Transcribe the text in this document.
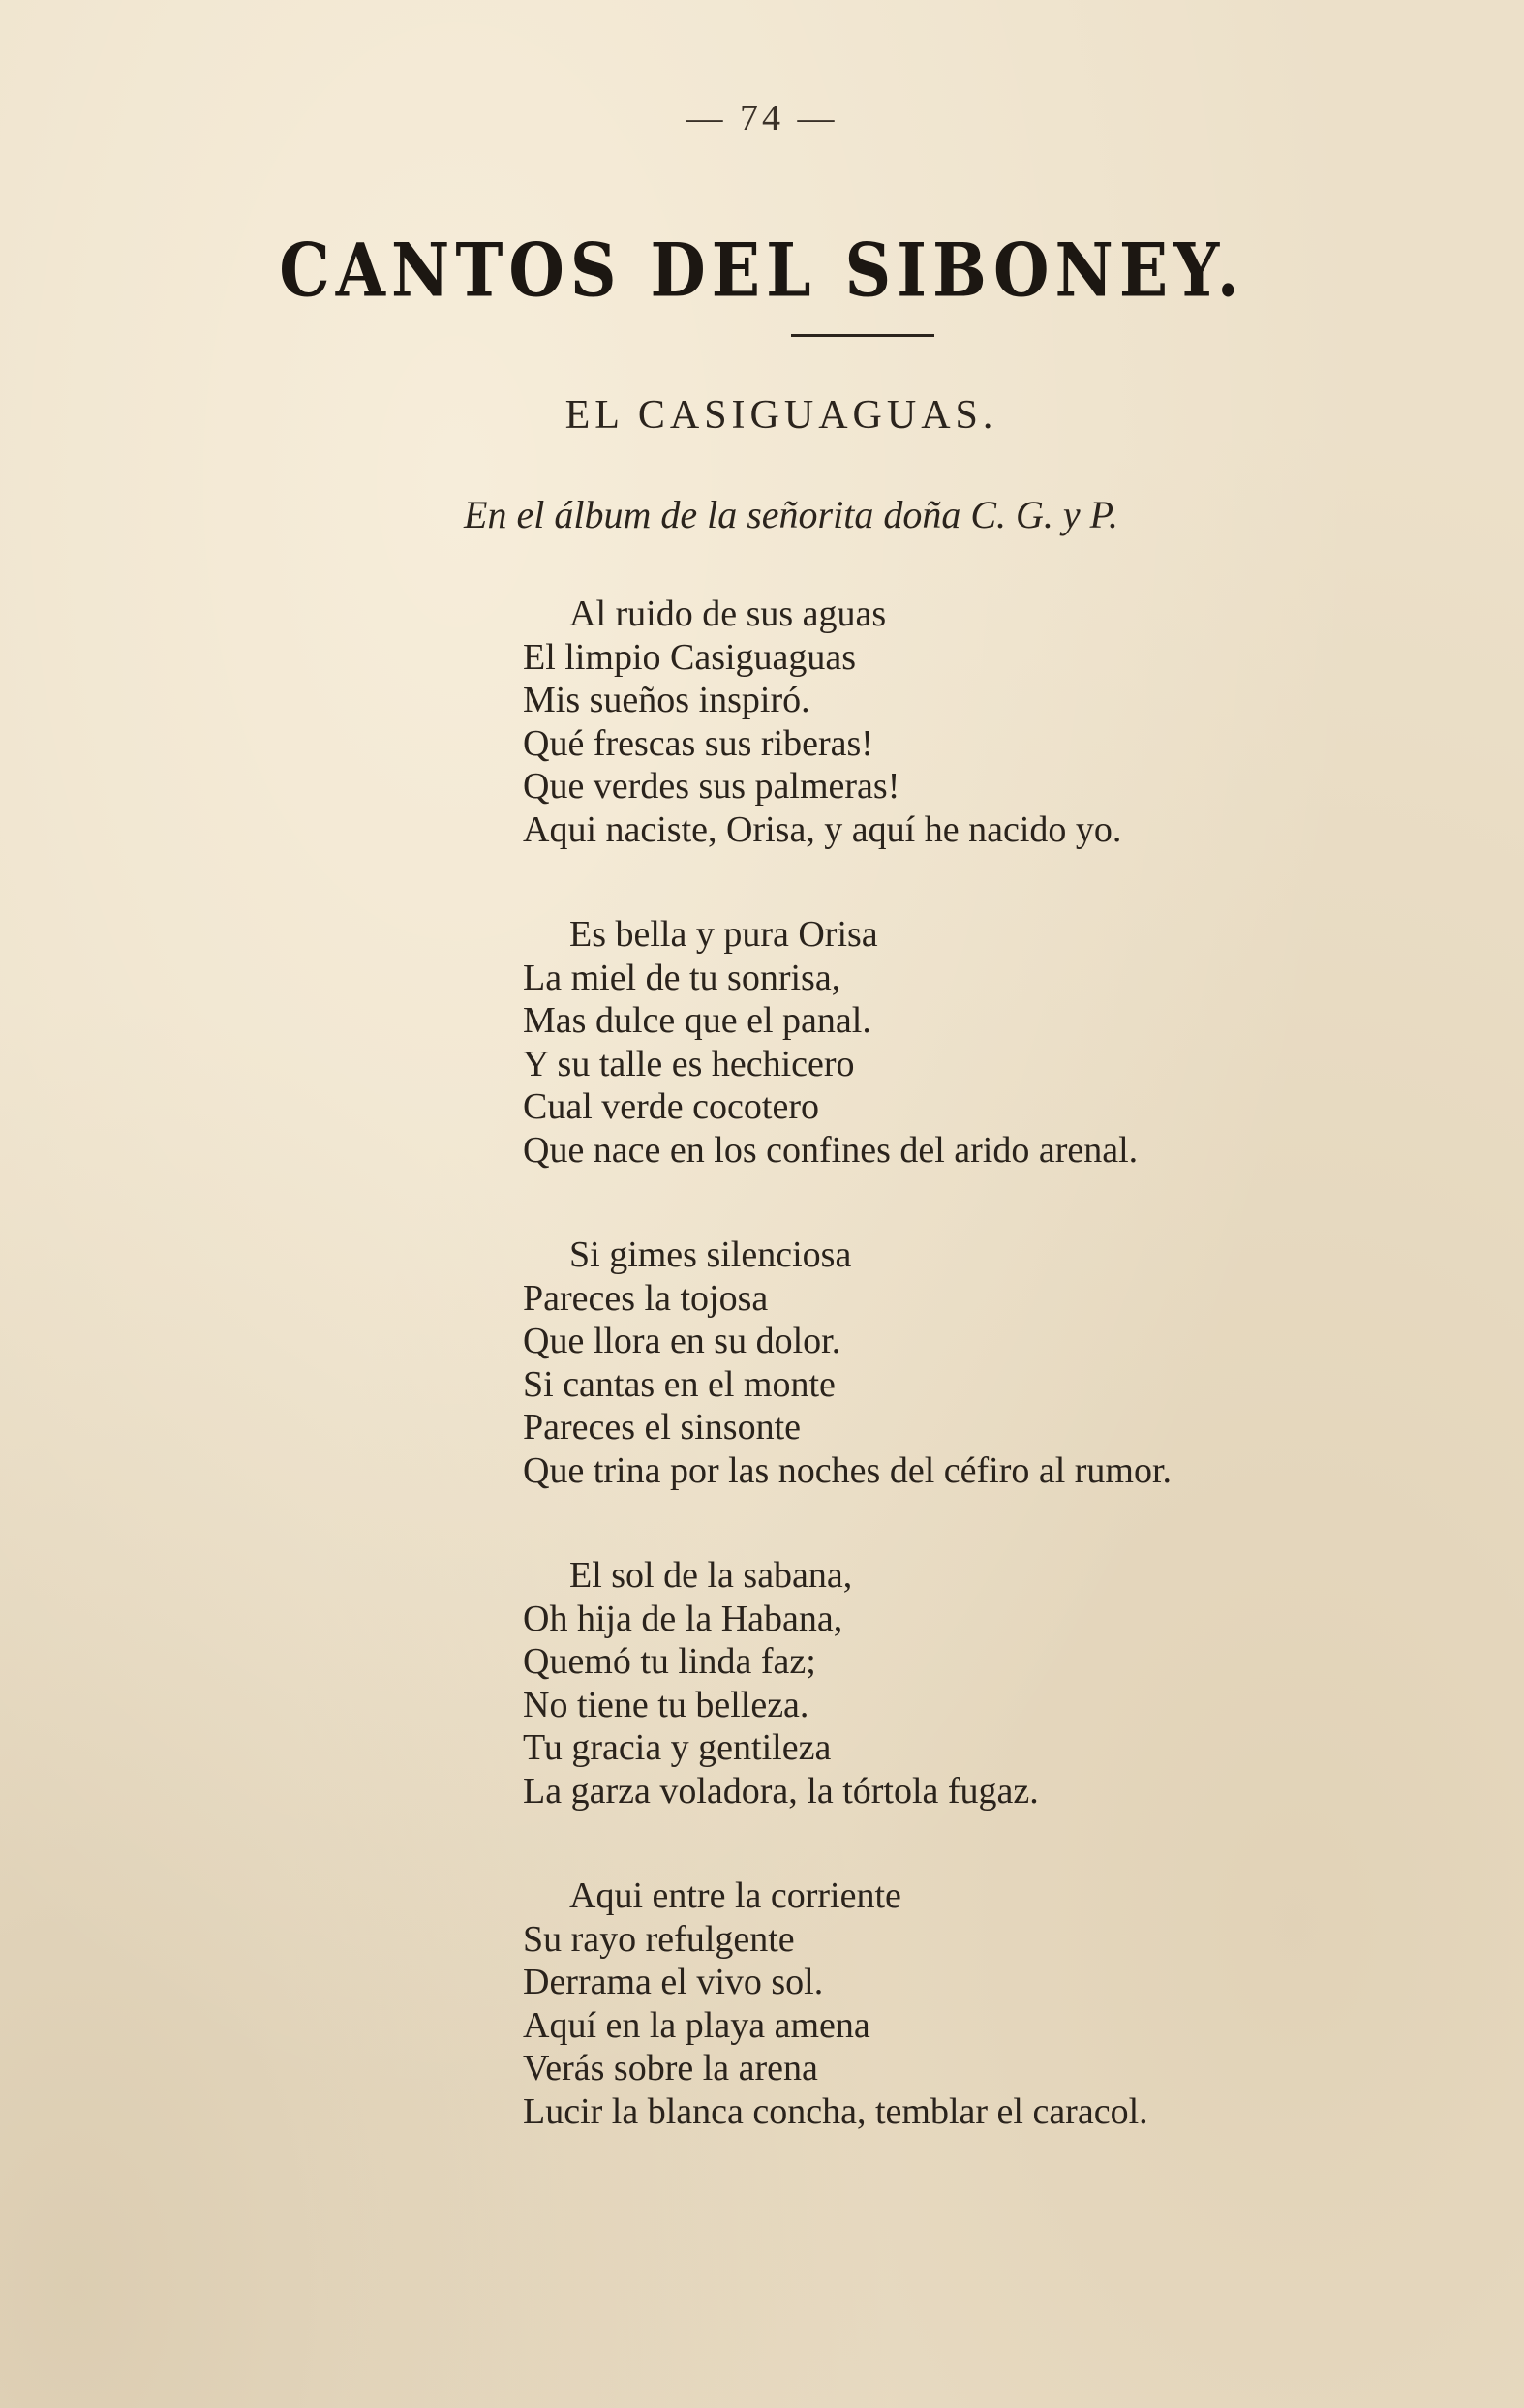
— 74 —
CANTOS DEL SIBONEY.
EL CASIGUAGUAS.
En el álbum de la señorita doña C. G. y P.
Al ruido de sus aguas
El limpio Casiguaguas
Mis sueños inspiró.
Qué frescas sus riberas!
Que verdes sus palmeras!
Aqui naciste, Orisa, y aquí he nacido yo.
Es bella y pura Orisa
La miel de tu sonrisa,
Mas dulce que el panal.
Y su talle es hechicero
Cual verde cocotero
Que nace en los confines del arido arenal.
Si gimes silenciosa
Pareces la tojosa
Que llora en su dolor.
Si cantas en el monte
Pareces el sinsonte
Que trina por las noches del céfiro al rumor.
El sol de la sabana,
Oh hija de la Habana,
Quemó tu linda faz;
No tiene tu belleza.
Tu gracia y gentileza
La garza voladora, la tórtola fugaz.
Aqui entre la corriente
Su rayo refulgente
Derrama el vivo sol.
Aquí en la playa amena
Verás sobre la arena
Lucir la blanca concha, temblar el caracol.
